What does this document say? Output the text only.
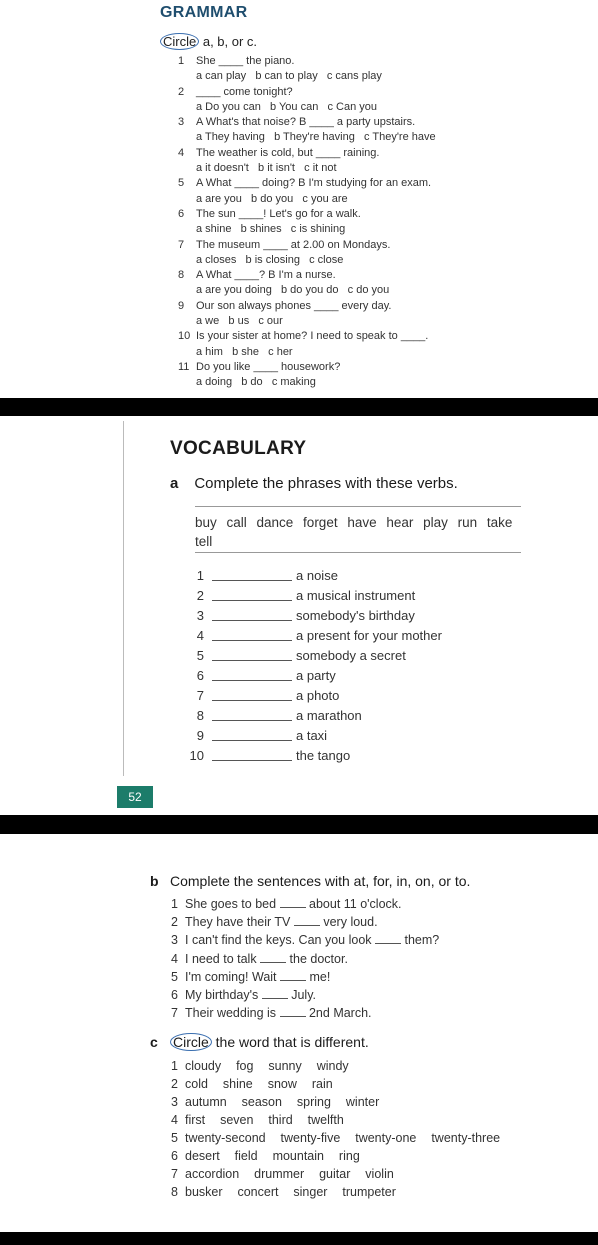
GRAMMAR
Circle a, b, or c.
1 She ____ the piano.
a can play   b can to play   c cans play
2 ____ come tonight?
a Do you can   b You can   c Can you
3 A What's that noise? B ____ a party upstairs.
a They having   b They're having   c They're have
4 The weather is cold, but ____ raining.
a it doesn't   b it isn't   c it not
5 A What ____ doing? B I'm studying for an exam.
a are you   b do you   c you are
6 The sun ____! Let's go for a walk.
a shine   b shines   c is shining
7 The museum ____ at 2.00 on Mondays.
a closes   b is closing   c close
8 A What ____? B I'm a nurse.
a are you doing   b do you do   c do you
9 Our son always phones ____ every day.
a we   b us   c our
10 Is your sister at home? I need to speak to ____.
a him   b she   c her
11 Do you like ____ housework?
a doing   b do   c making
VOCABULARY
a Complete the phrases with these verbs.
buy call dance forget have hear play run take tell
1	a noise
2	a musical instrument
3	somebody's birthday
4	a present for your mother
5	somebody a secret
6	a party
7	a photo
8	a marathon
9	a taxi
10	the tango
52
b Complete the sentences with at, for, in, on, or to.
1 She goes to bed	about 11 o'clock.
2 They have their TV	very loud.
3 I can't find the keys. Can you look	them?
4 I need to talk	the doctor.
5 I'm coming! Wait	me!
6 My birthday's	July.
7 Their wedding is	2nd March.
c Circle the word that is different.
1 cloudy  fog  sunny  windy
2 cold  shine  snow  rain
3 autumn  season  spring  winter
4 first  seven  third  twelfth
5 twenty-second  twenty-five  twenty-one  twenty-three
6 desert  field  mountain  ring
7 accordion  drummer  guitar  violin
8 busker  concert  singer  trumpeter
